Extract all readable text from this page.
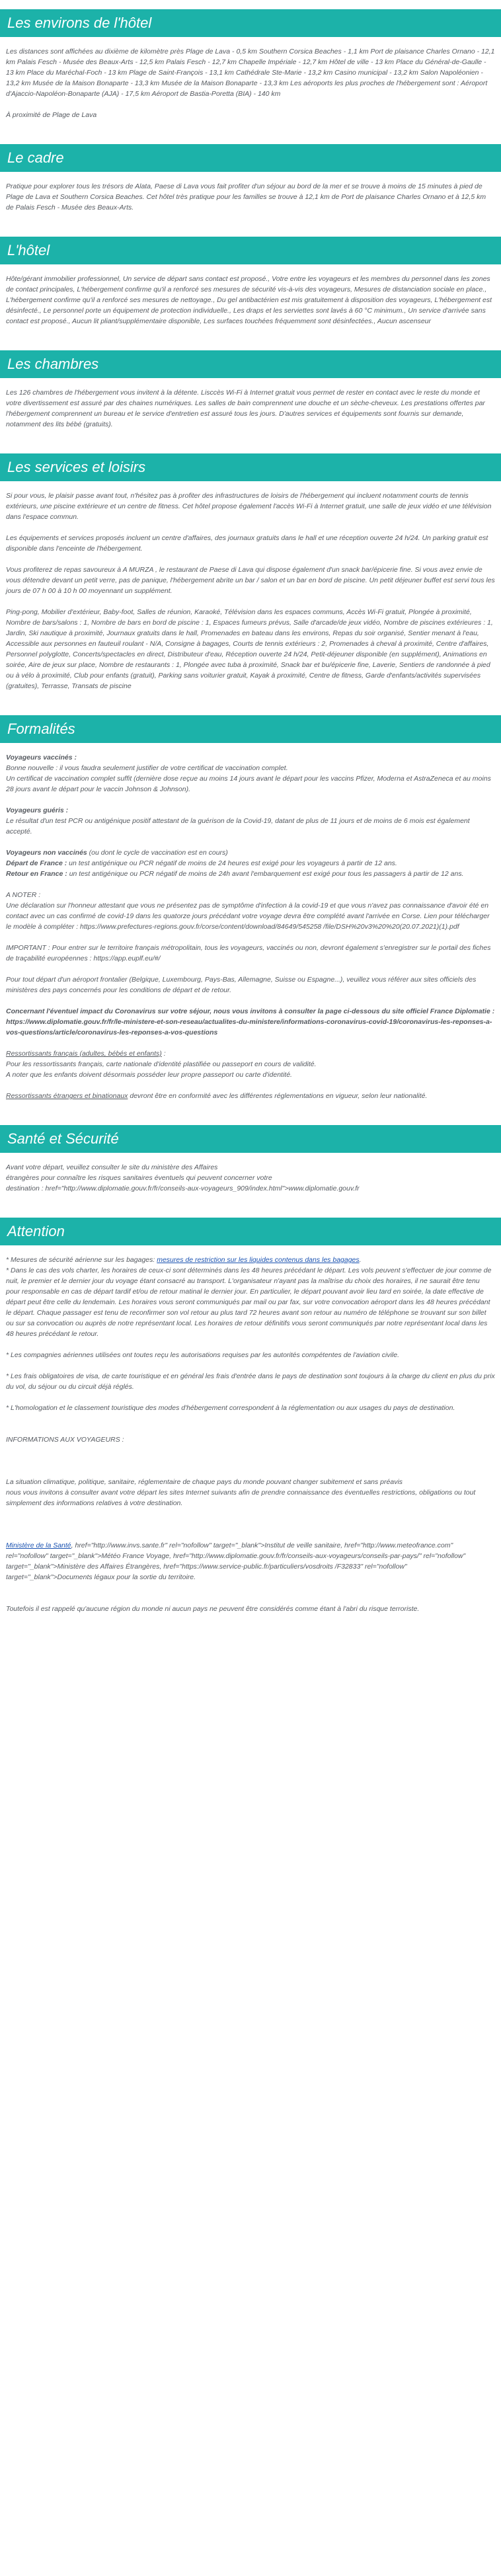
Les environs de l'hôtel

Les distances sont affichées au dixième de kilomètre près Plage de Lava - 0,5 km Southern Corsica Beaches - 1,1 km Port de plaisance Charles Ornano - 12,1 km Palais Fesch - Musée des Beaux-Arts - 12,5 km Palais Fesch - 12,7 km Chapelle Impériale - 12,7 km Hôtel de ville - 13 km Place du Général-de-Gaulle - 13 km Place du Maréchal-Foch - 13 km Plage de Saint-François - 13,1 km Cathédrale Ste-Marie - 13,2 km Casino municipal - 13,2 km Salon Napoléonien - 13,2 km Musée de la Maison Bonaparte - 13,3 km Musée de la Maison Bonaparte - 13,3 km Les aéroports les plus proches de l'hébergement sont : Aéroport d'Ajaccio-Napoléon-Bonaparte (AJA) - 17,5 km Aéroport de Bastia-Poretta (BIA) - 140 km

À proximité de Plage de Lava

Le cadre

Pratique pour explorer tous les trésors de Alata, Paese di Lava vous fait profiter d'un séjour au bord de la mer et se trouve à moins de 15 minutes à pied de Plage de Lava et Southern Corsica Beaches. Cet hôtel très pratique pour les familles se trouve à 12,1 km de Port de plaisance Charles Ornano et à 12,5 km de Palais Fesch - Musée des Beaux-Arts.

L'hôtel

Hôte/gérant immobilier professionnel, Un service de départ sans contact est proposé., Votre entre les voyageurs et les membres du personnel dans les zones de contact principales, L'hébergement confirme qu'il a renforcé ses mesures de sécurité vis-à-vis des voyageurs, Mesures de distanciation sociale en place., L'hébergement confirme qu'il a renforcé ses mesures de nettoyage., Du gel antibactérien est mis gratuitement à disposition des voyageurs, L'hébergement est désinfecté., Le personnel porte un équipement de protection individuelle., Les draps et les serviettes sont lavés à 60 °C minimum., Un service d'arrivée sans contact est proposé., Aucun lit pliant/supplémentaire disponible, Les surfaces touchées fréquemment sont désinfectées., Aucun ascenseur

Les chambres

Les 126 chambres de l'hébergement vous invitent à la détente. Lisccès Wi-Fi à Internet gratuit vous permet de rester en contact avec le reste du monde et votre divertissement est assuré par des chaines numériques. Les salles de bain comprennent une douche et un sèche-cheveux. Les prestations offertes par l'hébergement comprennent un bureau et le service d'entretien est assuré tous les jours. D'autres services et équipements sont fournis sur demande, notamment des lits bébé (gratuits).

Les services et loisirs

Si pour vous, le plaisir passe avant tout, n'hésitez pas à profiter des infrastructures de loisirs de l'hébergement qui incluent notamment courts de tennis extérieurs, une piscine extérieure et un centre de fitness. Cet hôtel propose également l'accès Wi-Fi à Internet gratuit, une salle de jeux vidéo et une télévision dans l'espace commun.

Les équipements et services proposés incluent un centre d'affaires, des journaux gratuits dans le hall et une réception ouverte 24 h/24. Un parking gratuit est disponible dans l'enceinte de l'hébergement.

Vous profiterez de repas savoureux à A MURZA , le restaurant de Paese di Lava qui dispose également d'un snack bar/épicerie fine. Si vous avez envie de vous détendre devant un petit verre, pas de panique, l'hébergement abrite un bar / salon et un bar en bord de piscine. Un petit déjeuner buffet est servi tous les jours de 07 h 00 à 10 h 00 moyennant un supplément.

Ping-pong, Mobilier d'extérieur, Baby-foot, Salles de réunion, Karaoké, Télévision dans les espaces communs, Accès Wi-Fi gratuit, Plongée à proximité, Nombre de bars/salons : 1, Nombre de bars en bord de piscine : 1, Espaces fumeurs prévus, Salle d'arcade/de jeux vidéo, Nombre de piscines extérieures : 1, Jardin, Ski nautique à proximité, Journaux gratuits dans le hall, Promenades en bateau dans les environs, Repas du soir organisé, Sentier menant à l'eau, Accessible aux personnes en fauteuil roulant - N/A, Consigne à bagages, Courts de tennis extérieurs : 2, Promenades à cheval à proximité, Centre d'affaires, Personnel polyglotte, Concerts/spectacles en direct, Distributeur d'eau, Réception ouverte 24 h/24, Petit-déjeuner disponible (en supplément), Animations en soirée, Aire de jeux sur place, Nombre de restaurants : 1, Plongée avec tuba à proximité, Snack bar et bu/épicerie fine, Laverie, Sentiers de randonnée à pied ou à vélo à proximité, Club pour enfants (gratuit), Parking sans voiturier gratuit, Kayak à proximité, Centre de fitness, Garde d'enfants/activités supervisées (gratuites), Terrasse, Transats de piscine

Formalités

Voyageurs vaccinés :
Bonne nouvelle : il vous faudra seulement justifier de votre certificat de vaccination complet.
Un certificat de vaccination complet suffit (dernière dose reçue au moins 14 jours avant le départ pour les vaccins Pfizer, Moderna et AstraZeneca et au moins 28 jours avant le départ pour le vaccin Johnson & Johnson).

Voyageurs guéris :
Le résultat d'un test PCR ou antigénique positif attestant de la guérison de la Covid-19, datant de plus de 11 jours et de moins de 6 mois est également accepté.

Voyageurs non vaccinés (ou dont le cycle de vaccination est en cours)
Départ de France : un test antigénique ou PCR négatif de moins de 24 heures est exigé pour les voyageurs à partir de 12 ans.
Retour en France : un test antigénique ou PCR négatif de moins de 24h avant l'embarquement est exigé pour tous les passagers à partir de 12 ans.

A NOTER :
Une déclaration sur l'honneur attestant que vous ne présentez pas de symptôme d'infection à la covid-19 et que vous n'avez pas connaissance d'avoir été en contact avec un cas confirmé de covid-19 dans les quatorze jours précédant votre voyage devra être complété avant l'arrivée en Corse. Lien pour télécharger le modèle à compléter : https://www.prefectures-regions.gouv.fr/corse/content/download/84649/545258 /file/DSH%20v3%20%20(20.07.2021)(1).pdf

IMPORTANT : Pour entrer sur le territoire français métropolitain, tous les voyageurs, vaccinés ou non, devront également s'enregistrer sur le portail des fiches de traçabilité européennes : https://app.euplf.eu/#/

Pour tout départ d'un aéroport frontalier (Belgique, Luxembourg, Pays-Bas, Allemagne, Suisse ou Espagne...), veuillez vous référer aux sites officiels des ministères des pays concernés pour les conditions de départ et de retour.

Concernant l'éventuel impact du Coronavirus sur votre séjour, nous vous invitons à consulter la page ci-dessous du site officiel France Diplomatie : https://www.diplomatie.gouv.fr/fr/le-ministere-et-son-reseau/actualites-du-ministere/informations-coronavirus-covid-19/coronavirus-les-reponses-a-vos-questions/article/coronavirus-les-reponses-a-vos-questions

Ressortissants français (adultes, bébés et enfants) :
Pour les ressortissants français, carte nationale d'identité plastifiée ou passeport en cours de validité.
A noter que les enfants doivent désormais posséder leur propre passeport ou carte d'identité.

Ressortissants étrangers et binationaux devront être en conformité avec les différentes réglementations en vigueur, selon leur nationalité.

Santé et Sécurité

Avant votre départ, veuillez consulter le site du ministère des Affaires
étrangères pour connaître les risques sanitaires éventuels qui peuvent concerner votre
destination : href="http://www.diplomatie.gouv.fr/fr/conseils-aux-voyageurs_909/index.html">www.diplomatie.gouv.fr

Attention
* Mesures de sécurité aérienne sur les bagages: mesures de restriction sur les liquides contenus dans les bagages.

* Dans le cas des vols charter, les horaires de ceux-ci sont déterminés dans les 48 heures précédant le départ. Les vols peuvent s'effectuer de jour comme de nuit, le premier et le dernier jour du voyage étant consacré au transport. L'organisateur n'ayant pas la maîtrise du choix des horaires, il ne saurait être tenu pour responsable en cas de départ tardif et/ou de retour matinal le dernier jour. En particulier, le départ pouvant avoir lieu tard en soirée, la date effective de départ peut être celle du lendemain. Les horaires vous seront communiqués par mail ou par fax, sur votre convocation aéroport dans les 48 heures précédant le départ. Chaque passager est tenu de reconfirmer son vol retour au plus tard 72 heures avant son retour au numéro de téléphone se trouvant sur son billet ou sur sa convocation ou auprès de notre représentant local. Les horaires de retour définitifs vous seront communiqués par notre représentant local dans les 48 heures précédant le retour.

* Les compagnies aériennes utilisées ont toutes reçu les autorisations requises par les autorités compétentes de l'aviation civile.

* Les frais obligatoires de visa, de carte touristique et en général les frais d'entrée dans le pays de destination sont toujours à la charge du client en plus du prix du vol, du séjour ou du circuit déjà réglés.

* L'homologation et le classement touristique des modes d'hébergement correspondent à la réglementation ou aux usages du pays de destination.

INFORMATIONS AUX VOYAGEURS :

La situation climatique, politique, sanitaire, réglementaire de chaque pays du monde pouvant changer subitement et sans préavis
nous vous invitons à consulter avant votre départ les sites Internet suivants afin de prendre connaissance des éventuelles restrictions, obligations ou tout simplement des informations relatives à votre destination.

Ministère de la Santé, href="http://www.invs.sante.fr" rel="nofollow" target="_blank">Institut de veille sanitaire, href="http://www.meteofrance.com" rel="nofollow" target="_blank">Météo France Voyage, href="http://www.diplomatie.gouv.fr/fr/conseils-aux-voyageurs/conseils-par-pays/" rel="nofollow" target="_blank">Ministère des Affaires Étrangères, href="https://www.service-public.fr/particuliers/vosdroits /F32833" rel="nofollow" target="_blank">Documents légaux pour la sortie du territoire.

Toutefois il est rappelé qu'aucune région du monde ni aucun pays ne peuvent être considérés comme étant à l'abri du risque terroriste.
